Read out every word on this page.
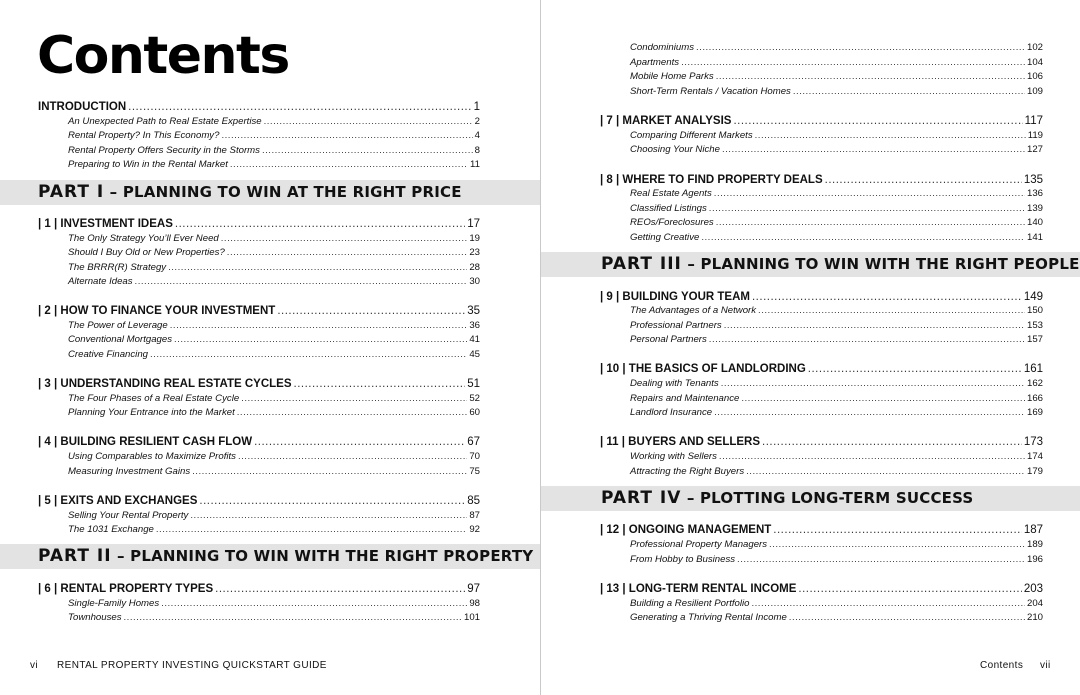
Contents
INTRODUCTION .....	1
An Unexpected Path to Real Estate Expertise .....	2
Rental Property? In This Economy? .....	4
Rental Property Offers Security in the Storms .....	8
Preparing to Win in the Rental Market .....	11
PART I – PLANNING TO WIN AT THE RIGHT PRICE
| 1 | INVESTMENT IDEAS .....	17
The Only Strategy You’ll Ever Need .....	19
Should I Buy Old or New Properties? .....	23
The BRRR(R) Strategy .....	28
Alternate Ideas .....	30
| 2 | HOW TO FINANCE YOUR INVESTMENT .....	35
The Power of Leverage .....	36
Conventional Mortgages .....	41
Creative Financing .....	45
| 3 | UNDERSTANDING REAL ESTATE CYCLES .....	51
The Four Phases of a Real Estate Cycle .....	52
Planning Your Entrance into the Market .....	60
| 4 | BUILDING RESILIENT CASH FLOW .....	67
Using Comparables to Maximize Profits .....	70
Measuring Investment Gains .....	75
| 5 | EXITS AND EXCHANGES .....	85
Selling Your Rental Property .....	87
The 1031 Exchange .....	92
PART II – PLANNING TO WIN WITH THE RIGHT PROPERTY
| 6 | RENTAL PROPERTY TYPES .....	97
Single-Family Homes .....	98
Townhouses .....	101
vi RENTAL PROPERTY INVESTING QUICKSTART GUIDE
Condominiums .....	102
Apartments .....	104
Mobile Home Parks .....	106
Short-Term Rentals / Vacation Homes .....	109
| 7 | MARKET ANALYSIS .....	117
Comparing Different Markets .....	119
Choosing Your Niche .....	127
| 8 | WHERE TO FIND PROPERTY DEALS .....	135
Real Estate Agents .....	136
Classified Listings .....	139
REOs/Foreclosures .....	140
Getting Creative .....	141
PART III – PLANNING TO WIN WITH THE RIGHT PEOPLE
| 9 | BUILDING YOUR TEAM .....	149
The Advantages of a Network .....	150
Professional Partners .....	153
Personal Partners .....	157
| 10 | THE BASICS OF LANDLORDING .....	161
Dealing with Tenants .....	162
Repairs and Maintenance .....	166
Landlord Insurance .....	169
| 11 | BUYERS AND SELLERS .....	173
Working with Sellers .....	174
Attracting the Right Buyers .....	179
PART IV – PLOTTING LONG-TERM SUCCESS
| 12 | ONGOING MANAGEMENT .....	187
Professional Property Managers .....	189
From Hobby to Business .....	196
| 13 | LONG-TERM RENTAL INCOME .....	203
Building a Resilient Portfolio .....	204
Generating a Thriving Rental Income .....	210
Contents vii
